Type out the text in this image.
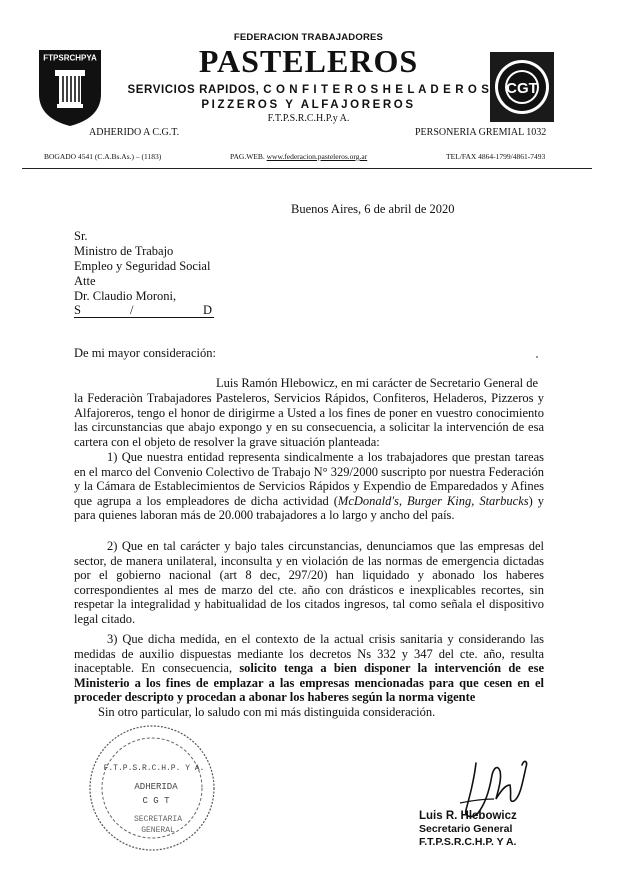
FEDERACION TRABAJADORES
PASTELEROS
SERVICIOS RAPIDOS, C O N F I T E R O S H E L A D E R O S
PIZZEROS Y ALFAJOREROS
F.T.P.S.R.C.H.P.y A.
ADHERIDO A C.G.T.	PERSONERIA GREMIAL 1032
BOGADO 4541 (C.A.Bs.As.) – (1183)	PAG.WEB. www.federacion.pasteleros.org.ar	TEL/FAX 4864-1799/4861-7493
FTPSRCHPYA
CGT
Buenos Aires, 6 de abril de 2020
Sr.
Ministro de Trabajo
Empleo y Seguridad Social
Atte
Dr. Claudio Moroni,
S	/	D
De mi mayor consideración:
Luis Ramón Hlebowicz, en mi carácter de Secretario General de
la Federaciòn Trabajadores Pasteleros, Servicios Rápidos, Confiteros, Heladeros, Pizzeros y Alfajoreros, tengo el honor de dirigirme a Usted a los fines de poner en vuestro conocimiento las circunstancias que abajo expongo y en su consecuencia, a solicitar la intervención de esa cartera con el objeto de resolver la grave situación planteada:
1) Que nuestra entidad representa sindicalmente a los trabajadores que prestan tareas en el marco del Convenio Colectivo de Trabajo N° 329/2000 suscripto por nuestra Federación y la Cámara de Establecimientos de Servicios Rápidos y Expendio de Emparedados y Afines que agrupa a los empleadores de dicha actividad (McDonald's, Burger King, Starbucks) y para quienes laboran más de 20.000 trabajadores a lo largo y ancho del país.
2) Que en tal carácter y bajo tales circunstancias, denunciamos que las empresas del sector, de manera unilateral, inconsulta y en violación de las normas de emergencia dictadas por el gobierno nacional (art 8 dec, 297/20) han liquidado y abonado los haberes correspondientes al mes de marzo del cte. año con drásticos e inexplicables recortes, sin respetar la integralidad y habitualidad de los citados ingresos, tal como señala el dispositivo legal citado.
3) Que dicha medida, en el contexto de la actual crisis sanitaria y considerando las medidas de auxilio dispuestas mediante los decretos Ns 332 y 347 del cte. año, resulta inaceptable. En consecuencia, solicito tenga a bien disponer la intervención de ese Ministerio a los fines de emplazar a las empresas mencionadas para que cesen en el proceder descripto y procedan a abonar los haberes según la norma vigente
Sin otro particular, lo saludo con mi más distinguida consideración.
F.T.P.S.R.C.H.P. Y A.
ADHERIDA
C G T
SECRETARIA
GENERAL
Luis R. Hlebowicz
Secretario General
F.T.P.S.R.C.H.P. Y A.
